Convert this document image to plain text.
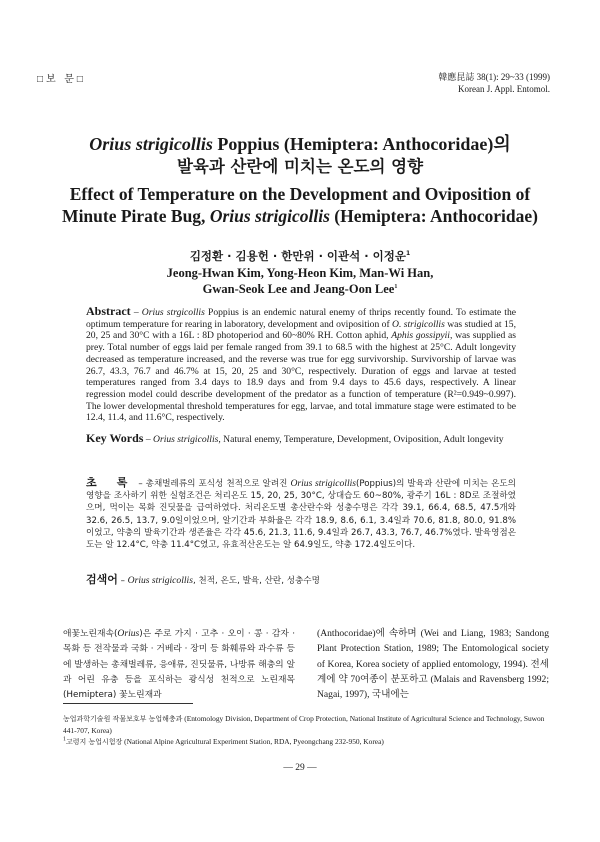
□보 문□	韓應昆誌 38(1): 29~33 (1999)
Korean J. Appl. Entomol.
Orius strigicollis Poppius (Hemiptera: Anthocoridae)의
발육과 산란에 미치는 온도의 영향
Effect of Temperature on the Development and Oviposition of
Minute Pirate Bug, Orius strigicollis (Hemiptera: Anthocoridae)
김정환 · 김용헌 · 한만위 · 이관석 · 이정운$^1$
Jeong-Hwan Kim, Yong-Heon Kim, Man-Wi Han,
Gwan-Seok Lee and Jeang-Oon Lee$^1$
Abstract – Orius strgicollis Poppius is an endemic natural enemy of thrips recently found. To estimate the optimum temperature for rearing in laboratory, development and oviposition of O. strigicollis was studied at 15, 20, 25 and 30°C with a 16L : 8D photoperiod and 60~80% RH. Cotton aphid, Aphis gossipyii, was supplied as prey. Total number of eggs laid per female ranged from 39.1 to 68.5 with the highest at 25°C. Adult longevity decreased as temperature increased, and the reverse was true for egg survivorship. Survivorship of larvae was 26.7, 43.3, 76.7 and 46.7% at 15, 20, 25 and 30°C, respectively. Duration of eggs and larvae at tested temperatures ranged from 3.4 days to 18.9 days and from 9.4 days to 45.6 days, respectively. A linear regression model could describe development of the predator as a function of temperature (R²=0.949~0.997). The lower developmental threshold temperatures for egg, larvae, and total immature stage were estimated to be 12.4, 11.4, and 11.6°C, respectively.
Key Words – Orius strigicollis, Natural enemy, Temperature, Development, Oviposition, Adult longevity
초 록 – 총채벌레류의 포식성 천적으로 알려진 Orius strigicollis(Poppius)의 발육과 산란에 미치는 온도의 영향을 조사하기 위한 실험조건은 처리온도 15, 20, 25, 30°C, 상대습도 60~80%, 광주기 16L : 8D로 조절하였으며, 먹이는 목화 진딧물을 급여하였다. 처리온도별 총산란수와 성충수명은 각각 39.1, 66.4, 68.5, 47.5개와 32.6, 26.5, 13.7, 9.0일이었으며, 알기간과 부화율은 각각 18.9, 8.6, 6.1, 3.4일과 70.6, 81.8, 80.0, 91.8%이었고, 약충의 발육기간과 생존율은 각각 45.6, 21.3, 11.6, 9.4일과 26.7, 43.3, 76.7, 46.7%였다. 발육영점온도는 알 12.4°C, 약충 11.4°C였고, 유효적산온도는 알 64.9일도, 약충 172.4일도이다.
검색어 – Orius strigicollis, 천적, 온도, 발육, 산란, 성충수명
애꽃노린재속(Orius)은 주로 가지 · 고추 · 오이 · 콩 · 감자 · 목화 등 전작물과 국화 · 거베라 · 장미 등 화훼류와 과수류 등에 발생하는 총채벌레류, 응애류, 진딧물류, 나방류 해충의 알과 어린 유충 등을 포식하는 광식성 천적으로 노린재목(Hemiptera) 꽃노린재과
(Anthocoridae)에 속하며 (Wei and Liang, 1983; Sandong Plant Protection Station, 1989; The Entomological society of Korea, Korea society of applied entomology, 1994). 전세계에 약 70여종이 분포하고 (Malais and Ravensberg 1992; Nagai, 1997), 국내에는
농업과학기술원 작물보호부 농업해충과 (Entomology Division, Department of Crop Protection, National Institute of Agricultural Science and Technology, Suwon 441-707, Korea)
$^1$고령지 농업시험장 (National Alpine Agricultural Experiment Station, RDA, Pyeongchang 232-950, Korea)
— 29 —
